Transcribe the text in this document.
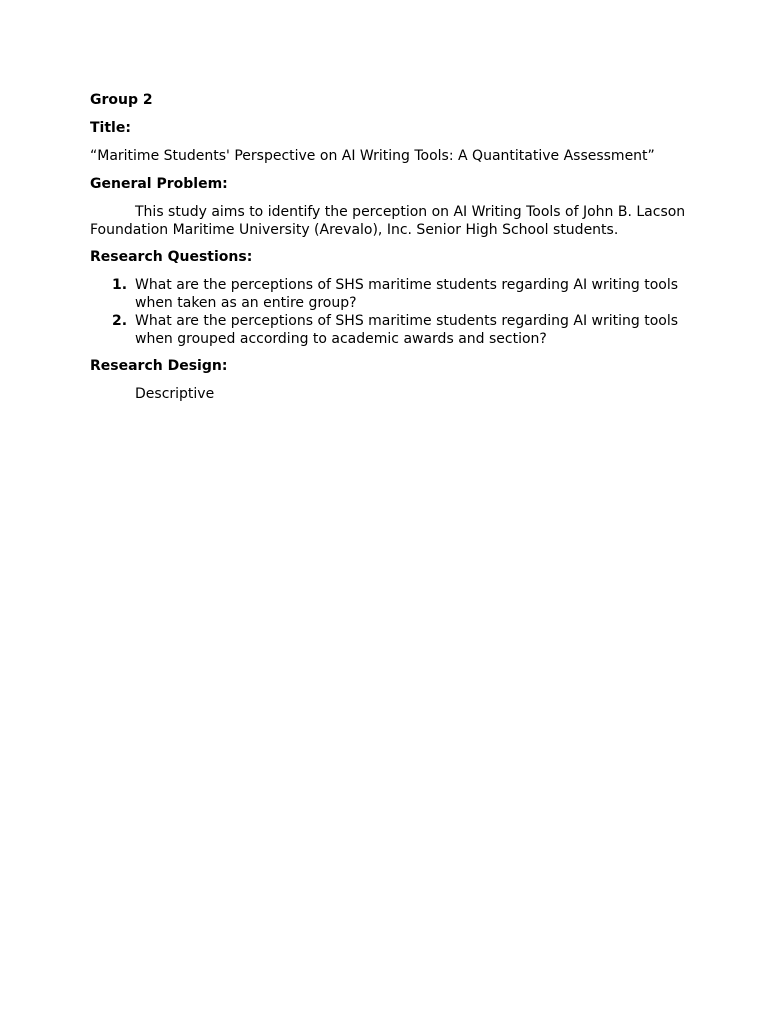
Group 2

Title:

“Maritime Students' Perspective on AI Writing Tools: A Quantitative Assessment”

General Problem:

This study aims to identify the perception on AI Writing Tools of John B. Lacson Foundation Maritime University (Arevalo), Inc. Senior High School students.

Research Questions:

1. What are the perceptions of SHS maritime students regarding AI writing tools when taken as an entire group?
2. What are the perceptions of SHS maritime students regarding AI writing tools when grouped according to academic awards and section?

Research Design:

Descriptive
